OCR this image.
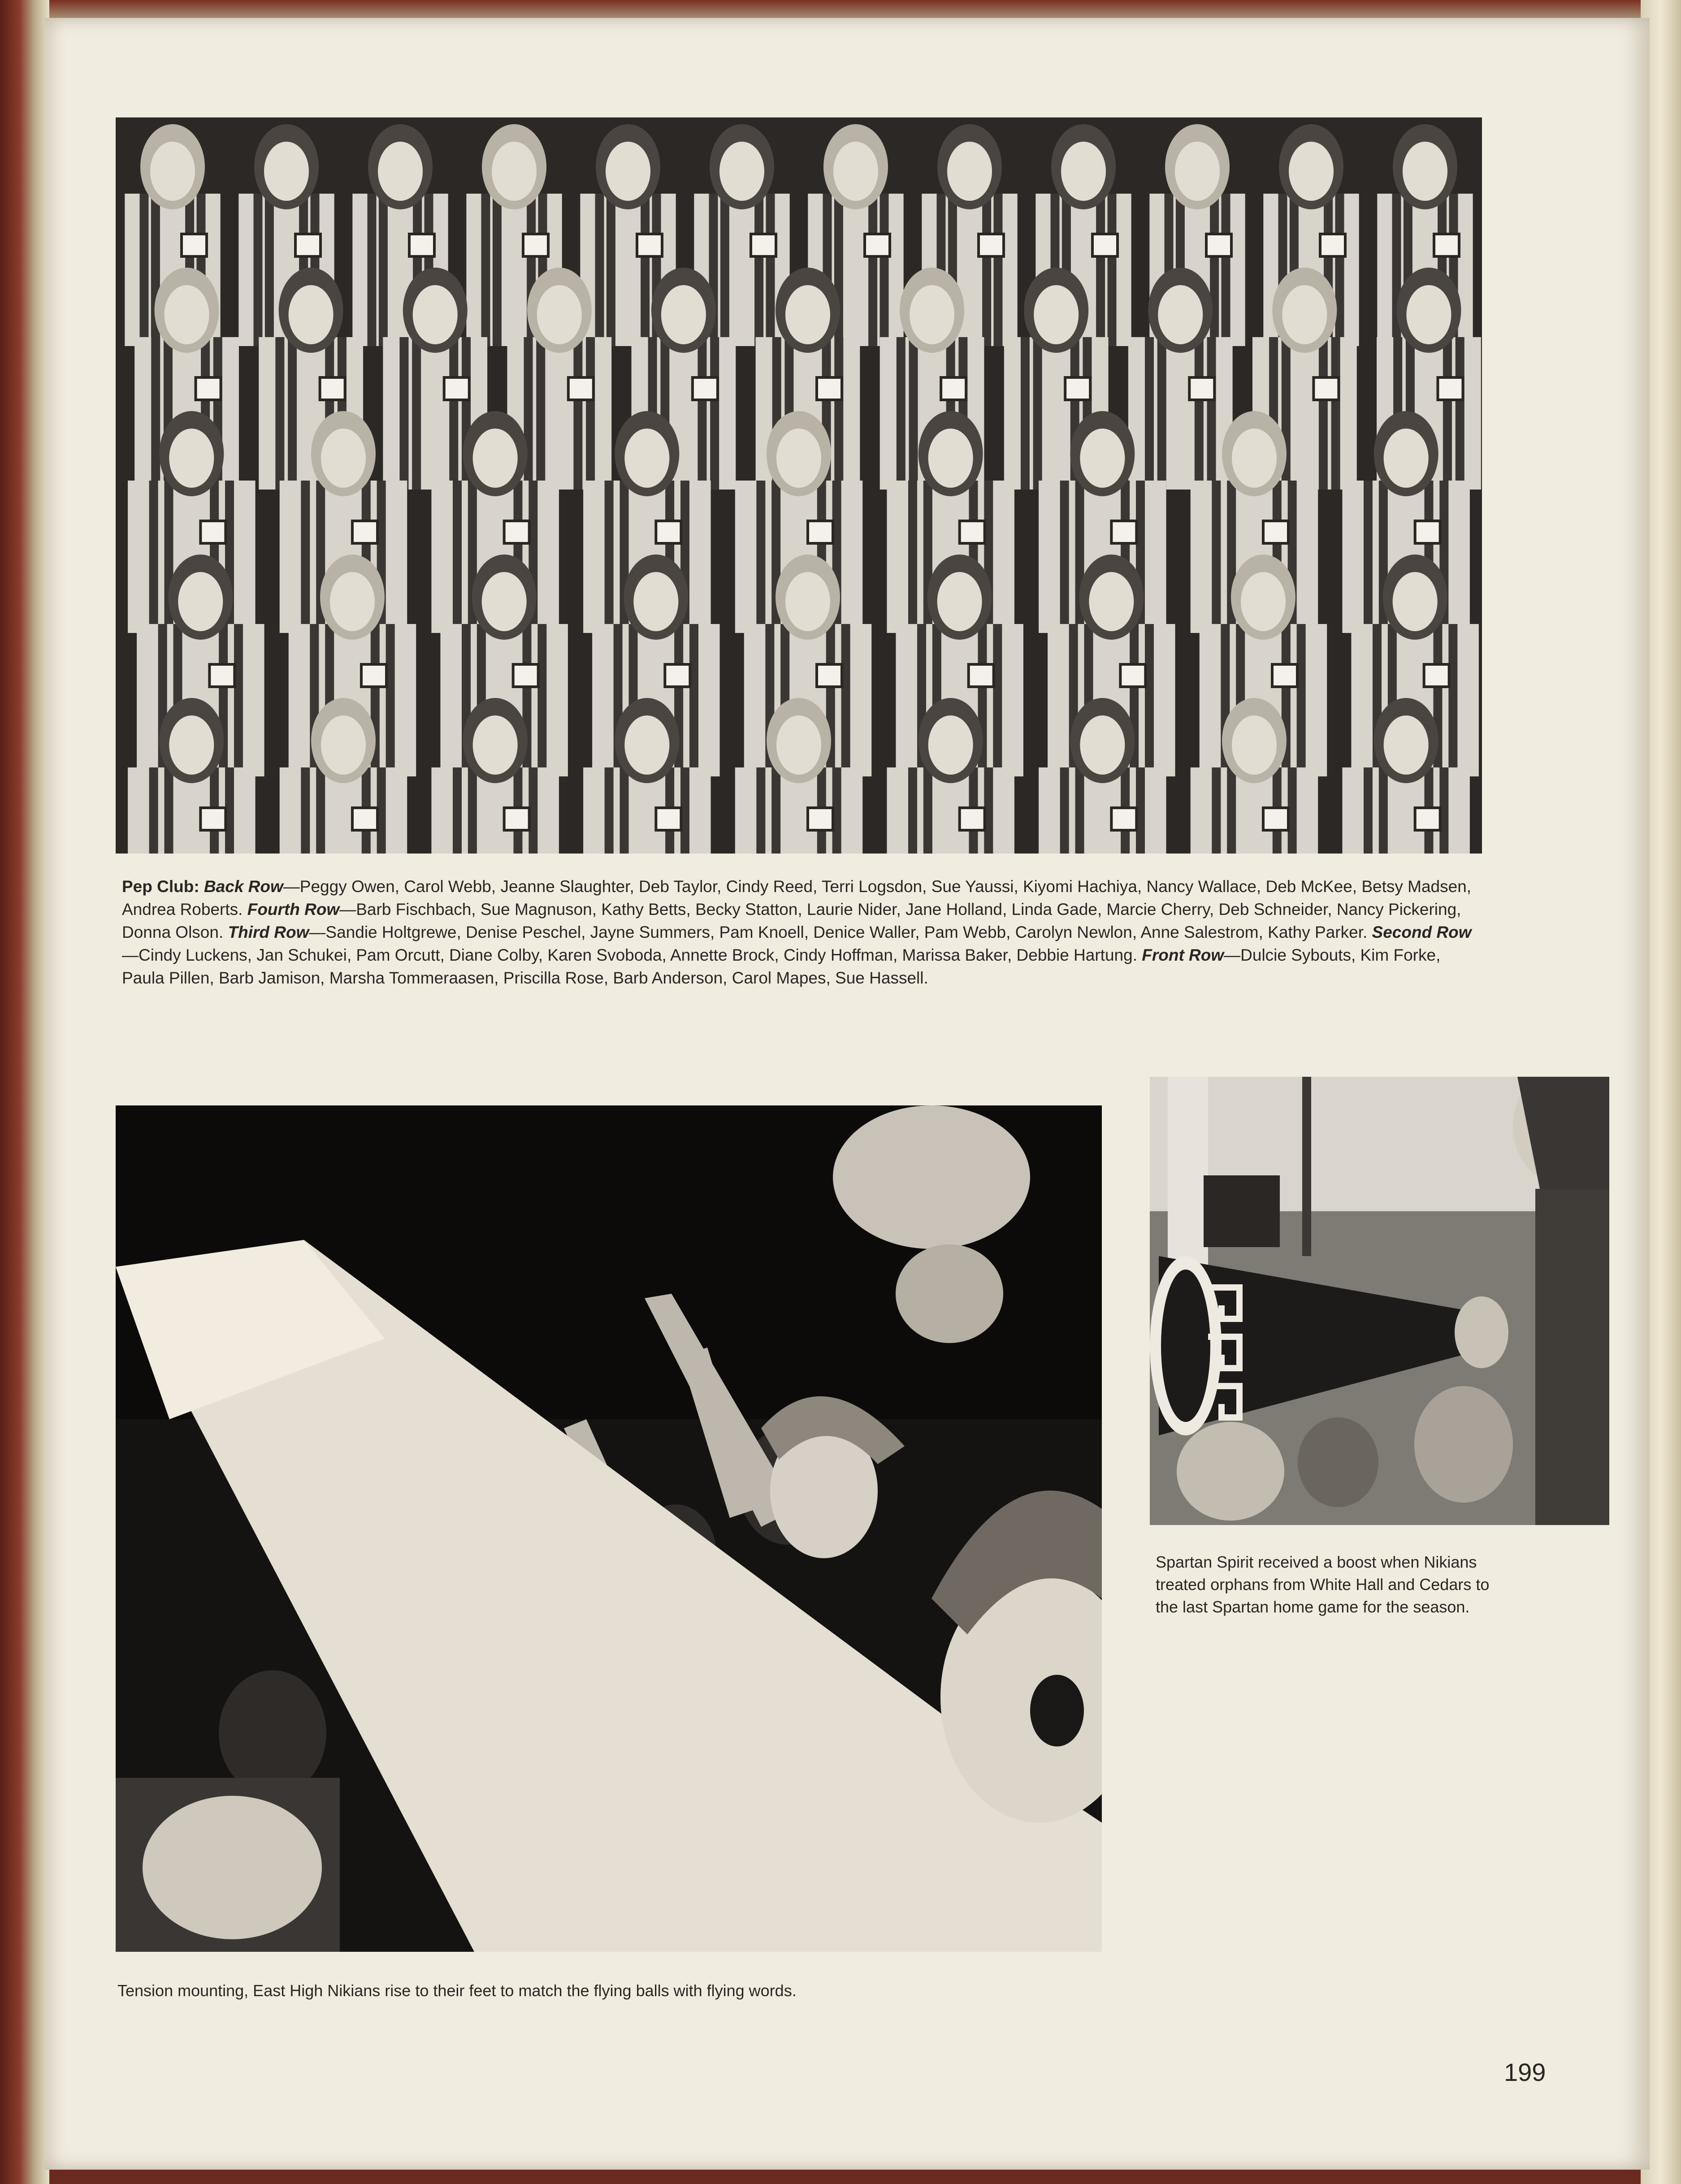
Pep Club: Back Row—Peggy Owen, Carol Webb, Jeanne Slaughter, Deb Taylor, Cindy Reed, Terri Logsdon, Sue Yaussi, Kiyomi Hachiya, Nancy Wallace, Deb McKee, Betsy Madsen, Andrea Roberts. Fourth Row—Barb Fischbach, Sue Magnuson, Kathy Betts, Becky Statton, Laurie Nider, Jane Holland, Linda Gade, Marcie Cherry, Deb Schneider, Nancy Pickering, Donna Olson. Third Row—Sandie Holtgrewe, Denise Peschel, Jayne Summers, Pam Knoell, Denice Waller, Pam Webb, Carolyn Newlon, Anne Salestrom, Kathy Parker. Second Row—Cindy Luckens, Jan Schukei, Pam Orcutt, Diane Colby, Karen Svoboda, Annette Brock, Cindy Hoffman, Marissa Baker, Debbie Hartung. Front Row—Dulcie Sybouts, Kim Forke, Paula Pillen, Barb Jamison, Marsha Tommeraasen, Priscilla Rose, Barb Anderson, Carol Mapes, Sue Hassell.
Tension mounting, East High Nikians rise to their feet to match the flying balls with flying words.
Spartan Spirit received a boost when Nikians treated orphans from White Hall and Cedars to the last Spartan home game for the season.
199
